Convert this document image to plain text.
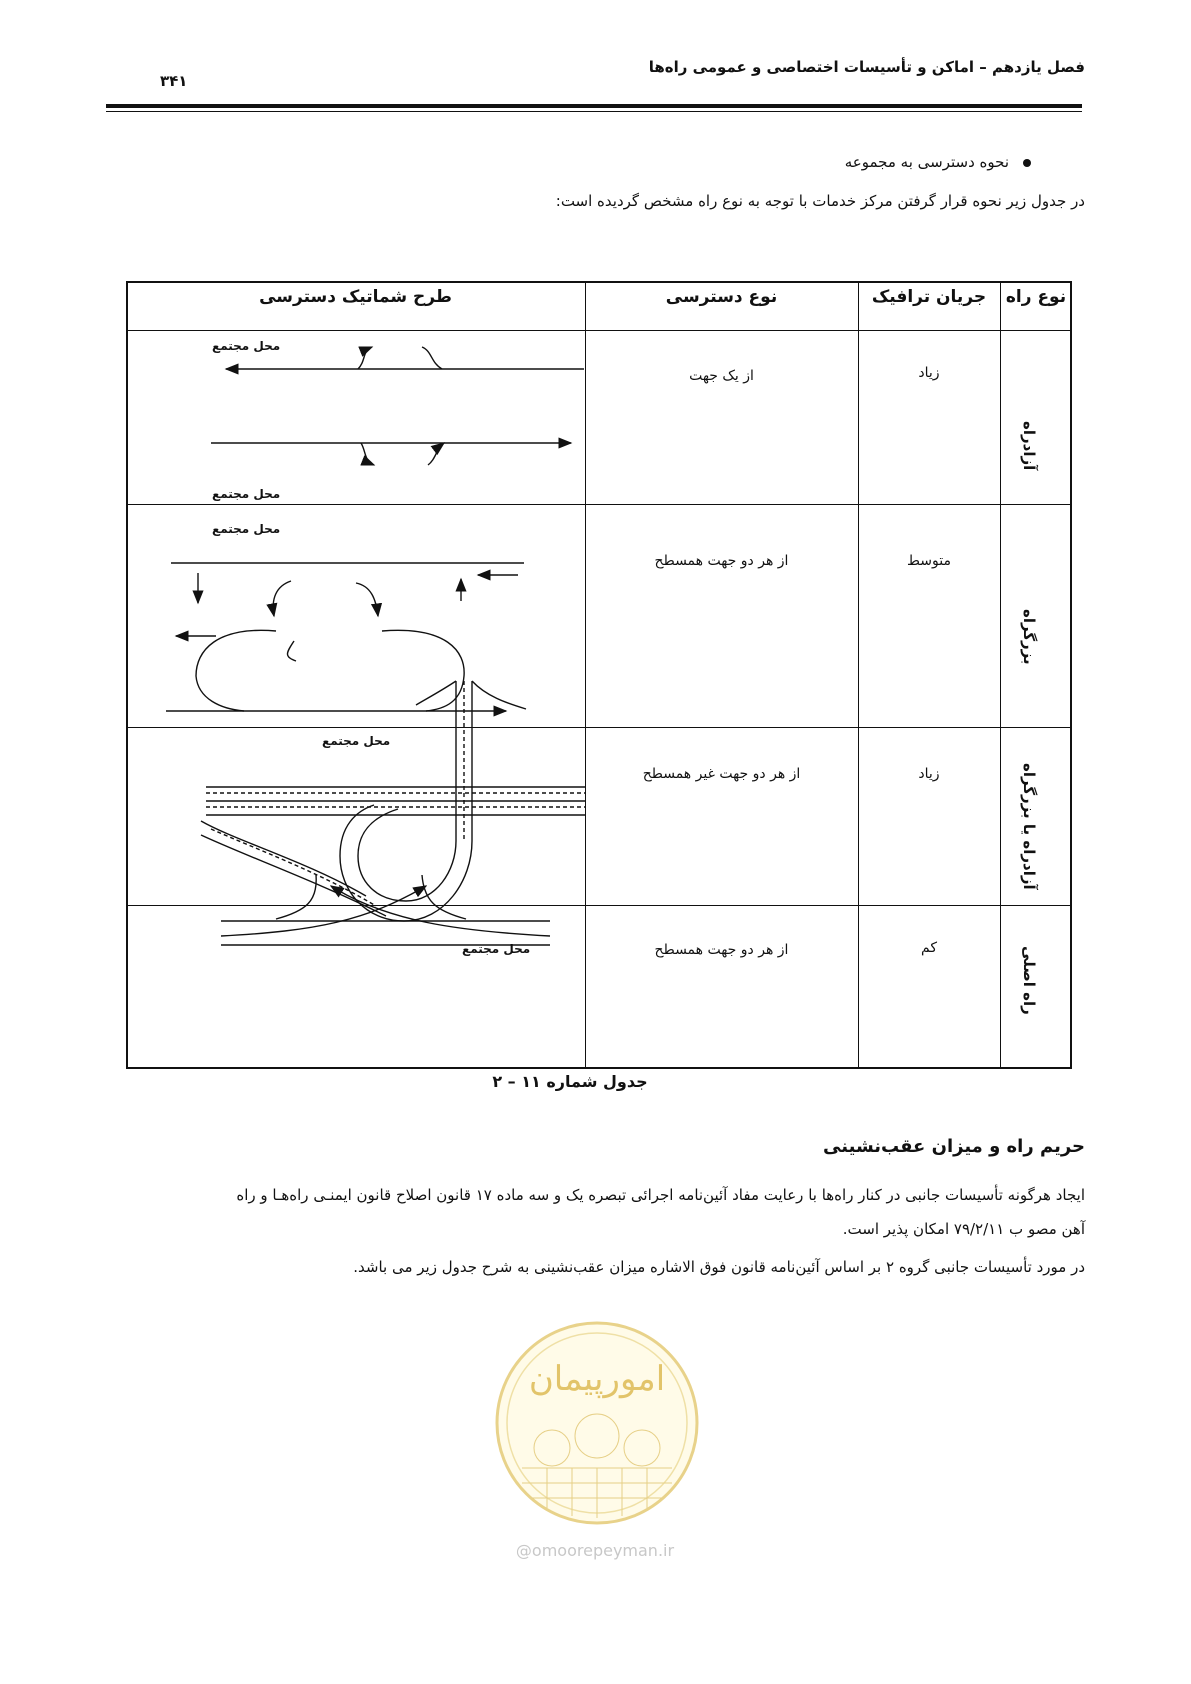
فصل یازدهم – اماکن و تأسیسات اختصاصی و عمومی راه‌ها
۳۴۱
نحوه دسترسی به مجموعه
در جدول زیر نحوه قرار گرفتن مرکز خدمات با توجه به نوع راه مشخص گردیده است:
نوع راه
جریان ترافیک
نوع دسترسی
طرح شماتیک دسترسی
آزادراه
زیاد
از یک جهت
بزرگراه
متوسط
از هر دو جهت همسطح
آزادراه یا بزرگراه
زیاد
از هر دو جهت غیر همسطح
راه اصلی
کم
از هر دو جهت همسطح
محل مجتمع
محل مجتمع
محل مجتمع
محل مجتمع
محل مجتمع
جدول شماره ۱۱ – ۲
حریم راه و میزان عقب‌نشینی
ایجاد هرگونه تأسیسات جانبی در کنار راه‌ها با رعایت مفاد آئین‌نامه اجرائی تبصره یک و سه ماده ۱۷ قانون اصلاح قانون ایمنـی راه‌هـا و راه
آهن مصو ب ۷۹/۲/۱۱ امکان پذیر است.
در مورد تأسیسات جانبی گروه ۲ بر اساس آئین‌نامه قانون فوق الاشاره میزان عقب‌نشینی به شرح جدول زیر می باشد.
امورپیمان
@omoorepeyman.ir
